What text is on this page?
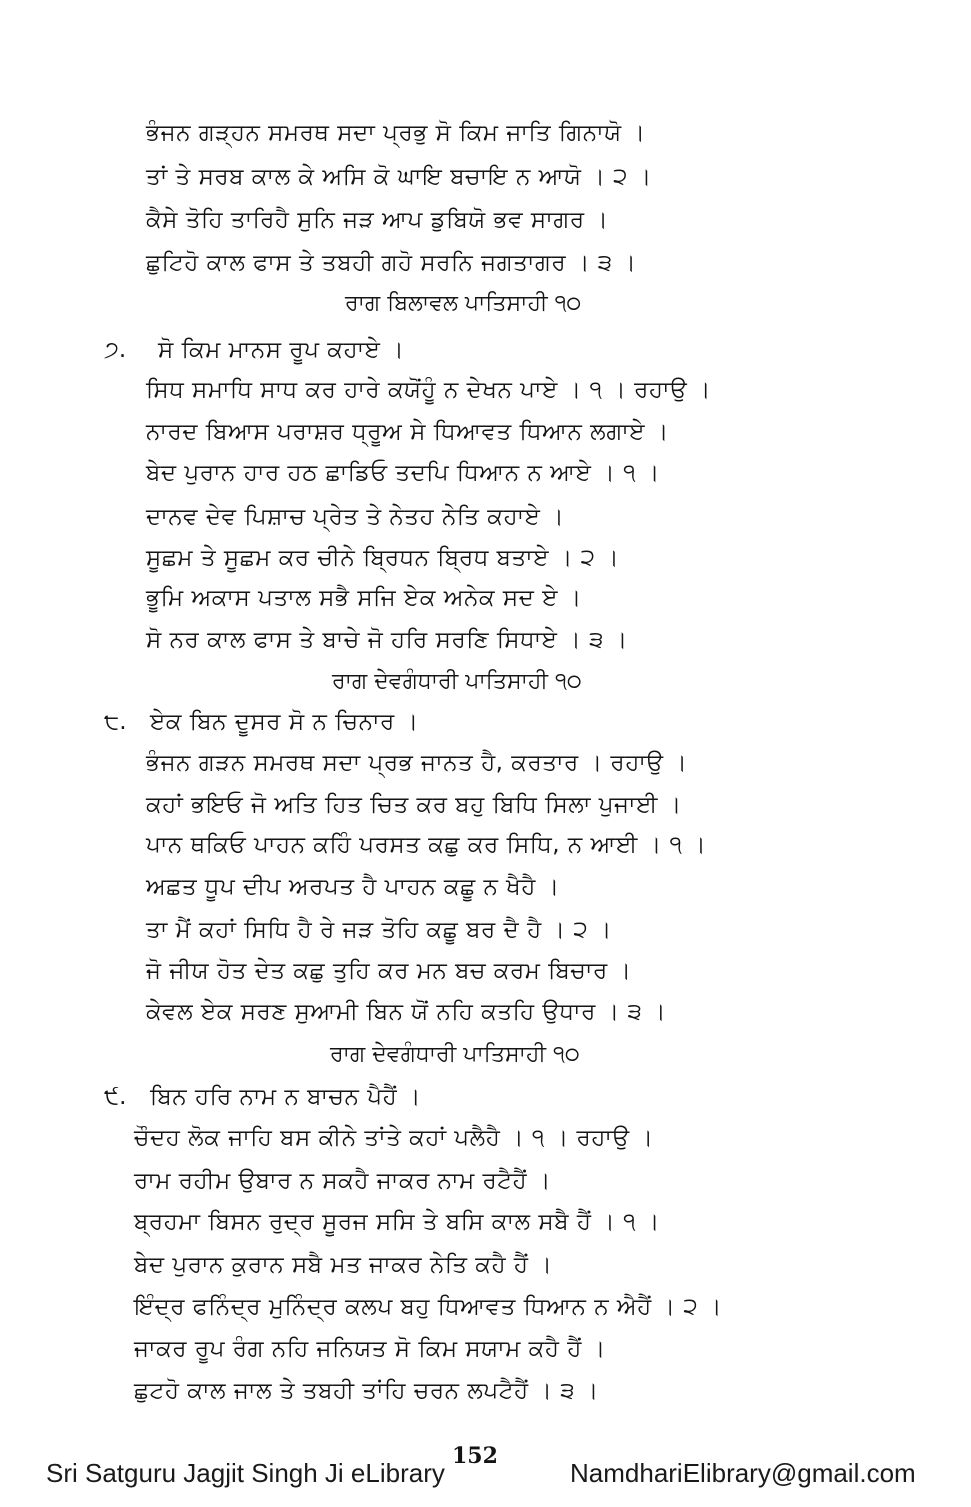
ਭੰਜਨ ਗੜ੍ਹਨ ਸਮਰਥ ਸਦਾ ਪ੍ਰਭੁ ਸੋ ਕਿਮ ਜਾਤਿ ਗਿਨਾਯੋ ।
ਤਾਂ ਤੇ ਸਰਬ ਕਾਲ ਕੇ ਅਸਿ ਕੋ ਘਾਇ ਬਚਾਇ ਨ ਆਯੋ । ੨ ।
ਕੈਸੇ ਤੋਹਿ ਤਾਰਿਹੈ ਸੁਨਿ ਜੜ ਆਪ ਡੁਬਿਯੋ ਭਵ ਸਾਗਰ ।
ਛੁਟਿਹੋ ਕਾਲ ਫਾਸ ਤੇ ਤਬਹੀ ਗਹੋ ਸਰਨਿ ਜਗਤਾਗਰ । ੩ ।
ਰਾਗ ਬਿਲਾਵਲ ਪਾਤਿਸਾਹੀ ੧੦
੭. ਸੋ ਕਿਮ ਮਾਨਸ ਰੂਪ ਕਹਾਏ ।
ਸਿਧ ਸਮਾਧਿ ਸਾਧ ਕਰ ਹਾਰੇ ਕਯੋਂਹੂੰ ਨ ਦੇਖਨ ਪਾਏ । ੧ । ਰਹਾਉ ।
ਨਾਰਦ ਬਿਆਸ ਪਰਾਸ਼ਰ ਧ੍ਰੂਅ ਸੇ ਧਿਆਵਤ ਧਿਆਨ ਲਗਾਏ ।
ਬੇਦ ਪੁਰਾਨ ਹਾਰ ਹਠ ਛਾਡਿਓ ਤਦਪਿ ਧਿਆਨ ਨ ਆਏ । ੧ ।
ਦਾਨਵ ਦੇਵ ਪਿਸ਼ਾਚ ਪ੍ਰੇਤ ਤੇ ਨੇਤਹ ਨੇਤਿ ਕਹਾਏ ।
ਸੂਛਮ ਤੇ ਸੂਛਮ ਕਰ ਚੀਨੇ ਬ੍ਰਿਧਨ ਬ੍ਰਿਧ ਬਤਾਏ । ੨ ।
ਭੂਮਿ ਅਕਾਸ ਪਤਾਲ ਸਭੈ ਸਜਿ ਏਕ ਅਨੇਕ ਸਦ ਏ ।
ਸੋ ਨਰ ਕਾਲ ਫਾਸ ਤੇ ਬਾਚੇ ਜੋ ਹਰਿ ਸਰਣਿ ਸਿਧਾਏ । ੩ ।
ਰਾਗ ਦੇਵਗੰਧਾਰੀ ਪਾਤਿਸਾਹੀ ੧੦
੮. ਏਕ ਬਿਨ ਦੂਸਰ ਸੋ ਨ ਚਿਨਾਰ ।
ਭੰਜਨ ਗੜਨ ਸਮਰਥ ਸਦਾ ਪ੍ਰਭ ਜਾਨਤ ਹੈ, ਕਰਤਾਰ । ਰਹਾਉ ।
ਕਹਾਂ ਭਇਓ ਜੋ ਅਤਿ ਹਿਤ ਚਿਤ ਕਰ ਬਹੁ ਬਿਧਿ ਸਿਲਾ ਪੁਜਾਈ ।
ਪਾਨ ਥਕਿਓ ਪਾਹਨ ਕਹਿੰ ਪਰਸਤ ਕਛੁ ਕਰ ਸਿਧਿ, ਨ ਆਈ । ੧ ।
ਅਛਤ ਧੂਪ ਦੀਪ ਅਰਪਤ ਹੈ ਪਾਹਨ ਕਛੂ ਨ ਖੈਹੈ ।
ਤਾ ਮੈਂ ਕਹਾਂ ਸਿਧਿ ਹੈ ਰੇ ਜੜ ਤੋਹਿ ਕਛੂ ਬਰ ਦੈ ਹੈ । ੨ ।
ਜੋ ਜੀਯ ਹੋਤ ਦੇਤ ਕਛੁ ਤੁਹਿ ਕਰ ਮਨ ਬਚ ਕਰਮ ਬਿਚਾਰ ।
ਕੇਵਲ ਏਕ ਸਰਣ ਸੁਆਮੀ ਬਿਨ ਯੋਂ ਨਹਿ ਕਤਹਿ ਉਧਾਰ । ੩ ।
ਰਾਗ ਦੇਵਗੰਧਾਰੀ ਪਾਤਿਸਾਹੀ ੧੦
੯. ਬਿਨ ਹਰਿ ਨਾਮ ਨ ਬਾਚਨ ਪੈਹੈਂ ।
ਚੌਦਹ ਲੋਕ ਜਾਹਿ ਬਸ ਕੀਨੇ ਤਾਂਤੇ ਕਹਾਂ ਪਲੈਹੈ । ੧ । ਰਹਾਉ ।
ਰਾਮ ਰਹੀਮ ਉਬਾਰ ਨ ਸਕਹੈ ਜਾਕਰ ਨਾਮ ਰਟੈਹੈਂ ।
ਬ੍ਰਹਮਾ ਬਿਸਨ ਰੁਦ੍ਰ ਸੂਰਜ ਸਸਿ ਤੇ ਬਸਿ ਕਾਲ ਸਬੈ ਹੈਂ । ੧ ।
ਬੇਦ ਪੁਰਾਨ ਕੁਰਾਨ ਸਬੈ ਮਤ ਜਾਕਰ ਨੇਤਿ ਕਹੈ ਹੈਂ ।
ਇੰਦ੍ਰ ਫਨਿੰਦ੍ਰ ਮੁਨਿੰਦ੍ਰ ਕਲਪ ਬਹੁ ਧਿਆਵਤ ਧਿਆਨ ਨ ਐਹੈਂ । ੨ ।
ਜਾਕਰ ਰੂਪ ਰੰਗ ਨਹਿ ਜਨਿਯਤ ਸੋ ਕਿਮ ਸਯਾਮ ਕਹੈ ਹੈਂ ।
ਛੁਟਹੋ ਕਾਲ ਜਾਲ ਤੇ ਤਬਹੀ ਤਾਂਹਿ ਚਰਨ ਲਪਟੈਹੈਂ । ੩ ।
152
Sri Satguru Jagjit Singh Ji eLibrary	NamdhariElibrary@gmail.com
